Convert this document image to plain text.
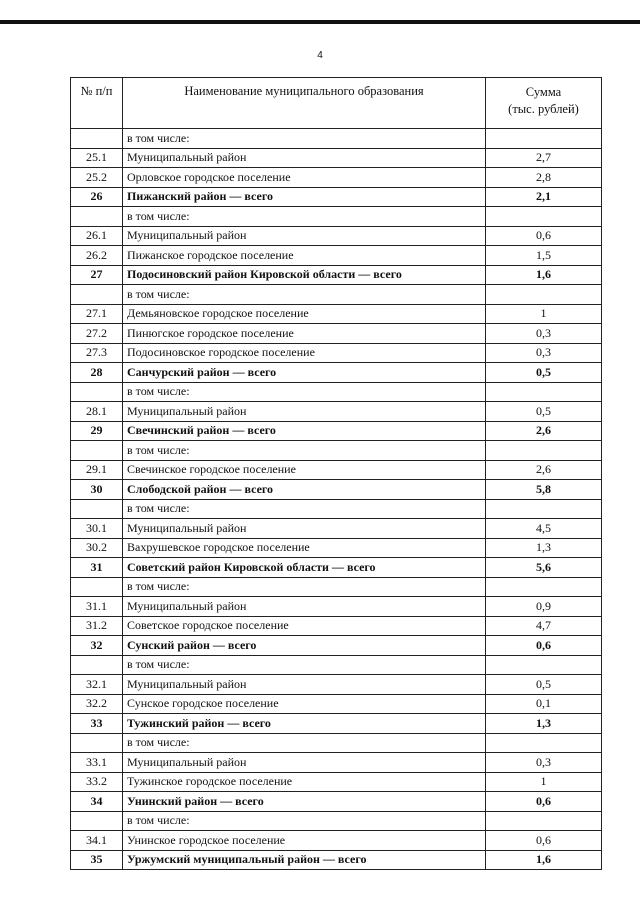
4
№ п/п	Наименование муниципального образования	Сумма
(тыс. рублей)
	в том числе:	
25.1	Муниципальный район	2,7
25.2	Орловское городское поселение	2,8
26	Пижанский район — всего	2,1
	в том числе:	
26.1	Муниципальный район	0,6
26.2	Пижанское городское поселение	1,5
27	Подосиновский район Кировской области — всего	1,6
	в том числе:	
27.1	Демьяновское городское поселение	1
27.2	Пинюгское городское поселение	0,3
27.3	Подосиновское городское поселение	0,3
28	Санчурский район — всего	0,5
	в том числе:	
28.1	Муниципальный район	0,5
29	Свечинский район — всего	2,6
	в том числе:	
29.1	Свечинское городское поселение	2,6
30	Слободской район — всего	5,8
	в том числе:	
30.1	Муниципальный район	4,5
30.2	Вахрушевское городское поселение	1,3
31	Советский район Кировской области — всего	5,6
	в том числе:	
31.1	Муниципальный район	0,9
31.2	Советское городское поселение	4,7
32	Сунский район — всего	0,6
	в том числе:	
32.1	Муниципальный район	0,5
32.2	Сунское городское поселение	0,1
33	Тужинский район — всего	1,3
	в том числе:	
33.1	Муниципальный район	0,3
33.2	Тужинское городское поселение	1
34	Унинский район — всего	0,6
	в том числе:	
34.1	Унинское городское поселение	0,6
35	Уржумский муниципальный район — всего	1,6
